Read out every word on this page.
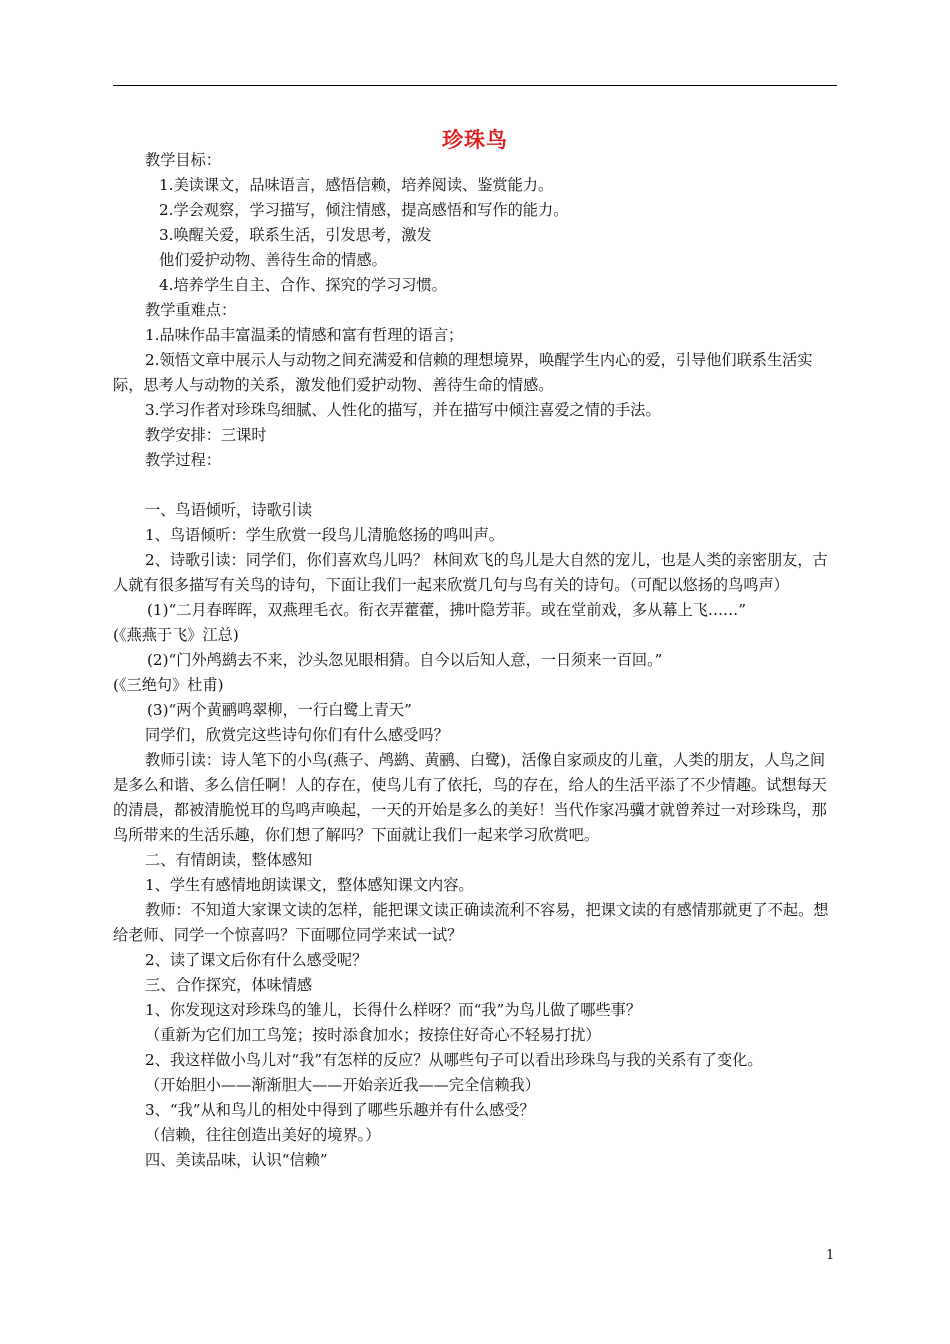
珍珠鸟

教学目标：

1.美读课文，品味语言，感悟信赖，培养阅读、鉴赏能力。

2.学会观察，学习描写，倾注情感，提高感悟和写作的能力。

3.唤醒关爱，联系生活，引发思考，激发

他们爱护动物、善待生命的情感。

4.培养学生自主、合作、探究的学习习惯。

教学重难点：

1.品味作品丰富温柔的情感和富有哲理的语言；

2.领悟文章中展示人与动物之间充满爱和信赖的理想境界，唤醒学生内心的爱，引导他们联系生活实际，思考人与动物的关系，激发他们爱护动物、善待生命的情感。

3.学习作者对珍珠鸟细腻、人性化的描写，并在描写中倾注喜爱之情的手法。

教学安排：三课时

教学过程：

一、鸟语倾听，诗歌引读

1、鸟语倾听：学生欣赏一段鸟儿清脆悠扬的鸣叫声。

2、诗歌引读：同学们，你们喜欢鸟儿吗？ 林间欢飞的鸟儿是大自然的宠儿，也是人类的亲密朋友，古人就有很多描写有关鸟的诗句，下面让我们一起来欣赏几句与鸟有关的诗句。（可配以悠扬的鸟鸣声）

(1)“二月春晖晖，双燕理毛衣。衔衣弄藿藿，拂叶隐芳菲。或在堂前戏，多从幕上飞……”

(《燕燕于飞》江总)

(2)“门外鸬鹚去不来，沙头忽见眼相猜。自今以后知人意，一日须来一百回。”

(《三绝句》杜甫)

(3)“两个黄鹂鸣翠柳，一行白鹭上青天”

同学们，欣赏完这些诗句你们有什么感受吗？

教师引读：诗人笔下的小鸟(燕子、鸬鹚、黄鹂、白鹭)，活像自家顽皮的儿童，人类的朋友，人鸟之间是多么和谐、多么信任啊！人的存在，使鸟儿有了依托，鸟的存在，给人的生活平添了不少情趣。试想每天的清晨，都被清脆悦耳的鸟鸣声唤起，一天的开始是多么的美好！当代作家冯骥才就曾养过一对珍珠鸟，那鸟所带来的生活乐趣，你们想了解吗？下面就让我们一起来学习欣赏吧。

二、有情朗读，整体感知

1、学生有感情地朗读课文，整体感知课文内容。

教师：不知道大家课文读的怎样，能把课文读正确读流利不容易，把课文读的有感情那就更了不起。想给老师、同学一个惊喜吗？下面哪位同学来试一试？

2、读了课文后你有什么感受呢？

三、合作探究，体味情感

1、你发现这对珍珠鸟的雏儿，长得什么样呀？而“我”为鸟儿做了哪些事？

（重新为它们加工鸟笼；按时添食加水；按捺住好奇心不轻易打扰）

2、我这样做小鸟儿对“我”有怎样的反应？从哪些句子可以看出珍珠鸟与我的关系有了变化。

（开始胆小——渐渐胆大——开始亲近我——完全信赖我）

3、“我”从和鸟儿的相处中得到了哪些乐趣并有什么感受？

（信赖，往往创造出美好的境界。）

四、美读品味，认识“信赖”

1
